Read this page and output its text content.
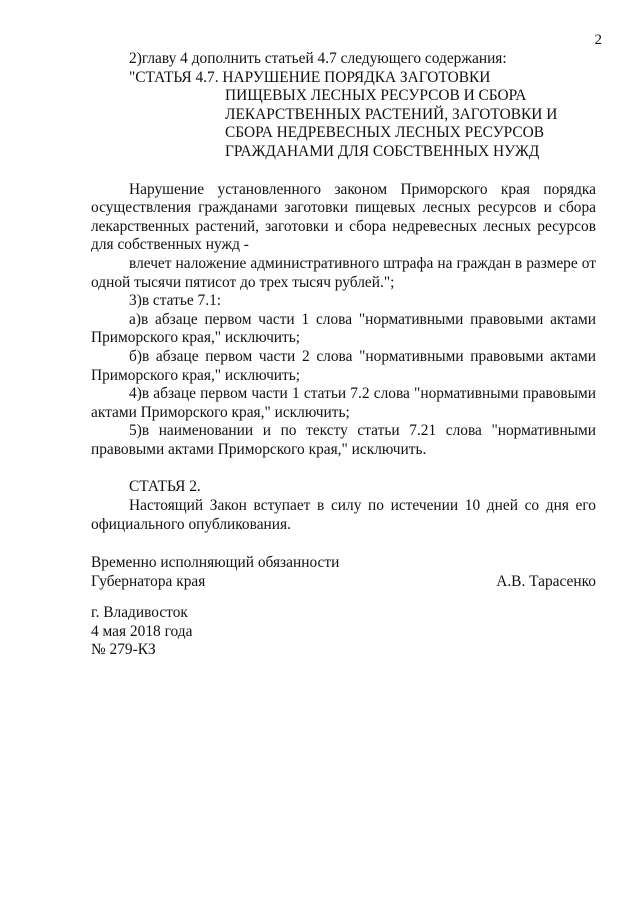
2

2)главу 4 дополнить статьей 4.7 следующего содержания:

"СТАТЬЯ 4.7. НАРУШЕНИЕ ПОРЯДКА ЗАГОТОВКИ

ПИЩЕВЫХ ЛЕСНЫХ РЕСУРСОВ И СБОРА

ЛЕКАРСТВЕННЫХ РАСТЕНИЙ, ЗАГОТОВКИ И

СБОРА НЕДРЕВЕСНЫХ ЛЕСНЫХ РЕСУРСОВ

ГРАЖДАНАМИ ДЛЯ СОБСТВЕННЫХ НУЖД

Нарушение установленного законом Приморского края порядка осуществления гражданами заготовки пищевых лесных ресурсов и сбора лекарственных растений, заготовки и сбора недревесных лесных ресурсов для собственных нужд -

влечет наложение административного штрафа на граждан в размере от одной тысячи пятисот до трех тысяч рублей.";

3)в статье 7.1:

а)в абзаце первом части 1 слова "нормативными правовыми актами Приморского края," исключить;

б)в абзаце первом части 2 слова "нормативными правовыми актами Приморского края," исключить;

4)в абзаце первом части 1 статьи 7.2 слова "нормативными правовыми актами Приморского края," исключить;

5)в наименовании и по тексту статьи 7.21 слова "нормативными правовыми актами Приморского края," исключить.

СТАТЬЯ 2.

Настоящий Закон вступает в силу по истечении 10 дней со дня его официального опубликования.

Временно исполняющий обязанности
Губернатора края	А.В. Тарасенко
г. Владивосток
4 мая 2018 года
№ 279-КЗ
